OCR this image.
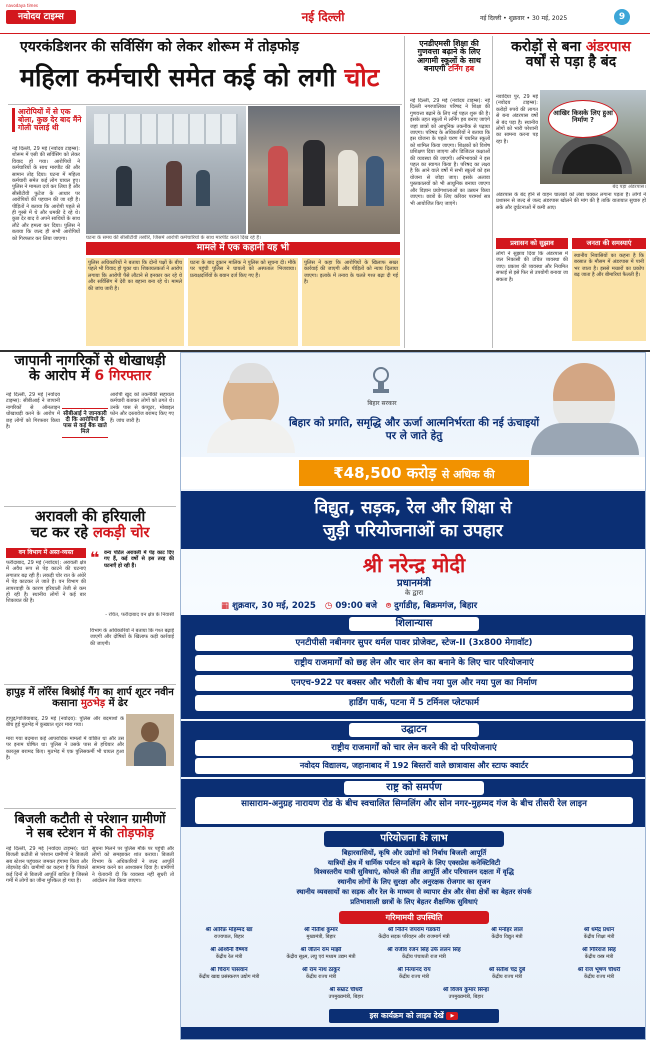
नवोदय टाइम्स
navodaya times
नई दिल्ली	नई दिल्ली • शुक्रवार • 30 मई, 2025	9
एयरकंडिशनर की सर्विसिंग को लेकर शोरूम में तोड़फोड़
महिला कर्मचारी समेत कई को लगी चोट
आरोपियों में से एक बोला, कुछ देर बाद मैंने गोली चलाई थी
नई दिल्ली, 29 मई (नवोदय टाइम्स): शोरूम में एसी की सर्विसिंग को लेकर विवाद हो गया। आरोपियों ने कर्मचारियों के साथ मारपीट की और सामान तोड़ दिया। घटना में महिला कर्मचारी समेत कई लोग घायल हुए। पुलिस ने मामला दर्ज कर लिया है और सीसीटीवी फुटेज के आधार पर आरोपियों की पहचान की जा रही है। पीड़ितों ने बताया कि आरोपी पहले से ही गुस्से में थे और धमकी दे रहे थे। कुछ देर बाद वे अपने साथियों के साथ लौटे और हमला कर दिया। पुलिस ने बताया कि जल्द ही सभी आरोपियों को गिरफ्तार कर लिया जाएगा।	घटना के समय की सीसीटीवी तस्वीरें, जिसमें आरोपी कर्मचारियों के साथ मारपीट करते दिख रहे हैं।
मामले में एक कहानी यह भी
पुलिस अधिकारियों ने बताया कि दोनों पक्षों के बीच पहले भी विवाद हो चुका था। शिकायतकर्ता ने आरोप लगाया कि आरोपी पैसे लौटाने से इनकार कर रहे थे और सर्विसिंग में देरी का बहाना बना रहे थे। मामले की जांच जारी है।
घटना के बाद दुकान मालिक ने पुलिस को सूचना दी। मौके पर पहुंची पुलिस ने घायलों को अस्पताल भिजवाया। प्रत्यक्षदर्शियों के बयान दर्ज किए गए हैं।
पुलिस ने कहा कि आरोपियों के खिलाफ सख्त कार्रवाई की जाएगी और पीड़ितों को न्याय दिलाया जाएगा। इलाके में तनाव के चलते गश्त बढ़ा दी गई है।
एनडीएमसी शिक्षा की गुणवत्ता बढ़ाने के लिए आगामी स्कूलों के साथ बनाएगी टर्निंग हब
नई दिल्ली, 29 मई (नवोदय टाइम्स): नई दिल्ली नगरपालिका परिषद ने शिक्षा की गुणवत्ता बढ़ाने के लिए नई पहल शुरू की है। इसके तहत स्कूलों में लर्निंग हब बनाए जाएंगे जहां छात्रों को आधुनिक तकनीक से पढ़ाया जाएगा। परिषद के अधिकारियों ने बताया कि इस योजना के पहले चरण में चयनित स्कूलों को शामिल किया जाएगा। शिक्षकों को विशेष प्रशिक्षण दिया जाएगा और डिजिटल कक्षाओं की व्यवस्था की जाएगी। अभिभावकों ने इस पहल का स्वागत किया है। परिषद का लक्ष्य है कि आने वाले वर्षों में सभी स्कूलों को इस योजना से जोड़ा जाए। इसके अलावा पुस्तकालयों को भी आधुनिक बनाया जाएगा और विज्ञान प्रयोगशालाओं का उन्नयन किया जाएगा। छात्रों के लिए करियर परामर्श सत्र भी आयोजित किए जाएंगे।
करोड़ों से बना अंडरपास
वर्षों से पड़ा है बंद
नवादिया पुर, 29 मई (नवोदय टाइम्स): करोड़ों रुपये की लागत से बना अंडरपास वर्षों से बंद पड़ा है। स्थानीय लोगों को भारी परेशानी का सामना करना पड़ रहा है।
आखिर किसके लिए हुआ निर्माण ?
बंद पड़ा अंडरपास।
अंडरपास के बंद होने से वाहन चालकों को लंबा चक्कर लगाना पड़ता है। लोगों ने प्रशासन से जल्द से जल्द अंडरपास खोलने की मांग की है ताकि यातायात सुचारु हो सके और दुर्घटनाओं में कमी आए।
प्रशासन को सुझाव
लोगों ने सुझाव दिया कि अंडरपास में जल निकासी की उचित व्यवस्था की जाए। प्रकाश की व्यवस्था और नियमित सफाई से इसे फिर से उपयोगी बनाया जा सकता है।
जनता की समस्याएं
स्थानीय निवासियों का कहना है कि बरसात के मौसम में अंडरपास में पानी भर जाता है। इससे मच्छरों का प्रकोप बढ़ जाता है और बीमारियां फैलती हैं।
जापानी नागरिकों से धोखाधड़ी
के आरोप में 6 गिरफ्तार
नई दिल्ली, 29 मई (नवोदय टाइम्स): सीबीआई ने जापानी नागरिकों से ऑनलाइन धोखाधड़ी करने के आरोप में छह लोगों को गिरफ्तार किया है।
सीबीआई ने जानकारी दी कि आरोपियों के पास से कई बैंक खाते मिले
आरोपी खुद को तकनीकी सहायता कर्मचारी बताकर लोगों को ठगते थे। उनके पास से कंप्यूटर, मोबाइल फोन और दस्तावेज बरामद किए गए हैं। जांच जारी है।
अरावली की हरियाली
चट कर रहे लकड़ी चोर
वन विभाग में अस्त-व्यस्त
फरीदाबाद, 29 मई (नवोदय): अरावली क्षेत्र में अवैध रूप से पेड़ काटने की घटनाएं लगातार बढ़ रही हैं। लकड़ी चोर रात के अंधेरे में पेड़ काटकर ले जाते हैं। वन विभाग की लापरवाही के कारण हरियाली तेजी से कम हो रही है। स्थानीय लोगों ने कई बार शिकायत की है।
❝ वन्य पोर्टल अरावली में पेड़ काट दिए गए हैं, कई वर्षों से इस तरह की घटनाएँ हो रही हैं।
- रचित, फरीदाबाद वन क्षेत्र के निवासी
विभाग के अधिकारियों ने बताया कि गश्त बढ़ाई जाएगी और दोषियों के खिलाफ कड़ी कार्रवाई की जाएगी।
हापुड़ में लॉरेंस बिश्नोई गैंग का शार्प शूटर नवीन कसाना मुठभेड़ में ढेर
हापुड़/गाजियाबाद, 29 मई (नवोदय): पुलिस और बदमाशों के बीच हुई मुठभेड़ में कुख्यात शूटर मारा गया।
मारा गया बदमाश कई आपराधिक मामलों में वांछित था और उस पर इनाम घोषित था। पुलिस ने उसके पास से हथियार और कारतूस बरामद किए। मुठभेड़ में एक पुलिसकर्मी भी घायल हुआ है।
बिजली कटौती से परेशान ग्रामीणों
ने सब स्टेशन में की तोड़फोड़
नई दिल्ली, 29 मई (नवोदय टाइम्स): घंटों बिजली कटौती से परेशान ग्रामीणों ने बिजली सब स्टेशन पहुंचकर जमकर हंगामा किया और तोड़फोड़ की। ग्रामीणों का कहना है कि पिछले कई दिनों से बिजली आपूर्ति बाधित है जिससे गर्मी में लोगों का जीना मुश्किल हो गया है।
सूचना मिलने पर पुलिस मौके पर पहुंची और लोगों को समझाकर शांत कराया। बिजली विभाग के अधिकारियों ने जल्द आपूर्ति सामान्य करने का आश्वासन दिया है। ग्रामीणों ने चेतावनी दी कि व्यवस्था नहीं सुधरी तो आंदोलन तेज किया जाएगा।
बिहार सरकार
बिहार को प्रगति, समृद्धि और ऊर्जा आत्मनिर्भरता की नई ऊंचाइयों पर ले जाते हेतु
₹48,500 करोड़ से अधिक की
विद्युत, सड़क, रेल और शिक्षा से
जुड़ी परियोजनाओं का उपहार
श्री नरेन्द्र मोदी
प्रधानमंत्री
के द्वारा
▦ शुक्रवार, 30 मई, 2025 ◷ 09:00 बजे ⌾ दुर्गाडीह, बिक्रमगंज, बिहार
शिलान्यास
एनटीपीसी नबीनगर सुपर थर्मल पावर प्रोजेक्ट, स्टेज-II (3x800 मेगावॉट)
राष्ट्रीय राजमार्गों को छह लेन और चार लेन का बनाने के लिए चार परियोजनाएं
एनएच-922 पर बक्सर और भरौली के बीच नया पुल और नया पुल का निर्माण
हार्डिंग पार्क, पटना में 5 टर्मिनल प्लेटफार्म
उद्घाटन
राष्ट्रीय राजमार्गों को चार लेन करने की दो परियोजनाएं
नवोदय विद्यालय, जहानाबाद में 192 बिस्तरों वाले छात्रावास और स्टाफ क्वार्टर
राष्ट्र को समर्पण
सासाराम-अनुग्रह नारायण रोड के बीच स्वचालित सिग्नलिंग और सोन नगर-मुहम्मद गंज के बीच तीसरी रेल लाइन
परियोजना के लाभ
बिहारवासियों, कृषि और उद्योगों को निर्बाध बिजली आपूर्ति
यात्रियों क्षेत्र में धार्मिक पर्यटन को बढ़ाने के लिए एक्सप्रेस कनेक्टिविटी
विश्वस्तरीय यात्री सुविधाएं, कोयले की तीव्र आपूर्ति और परिचालन दक्षता में वृद्धि
स्थानीय लोगों के लिए सुरक्षा और अनुरक्षक रोजगार का सृजन
स्थानीय व्यवसायों का सड़क और रेल के माध्यम से व्यापार क्षेत्र और सेवा क्षेत्रों का बेहतर संपर्क
प्रतिभाशाली छात्रों के लिए बेहतर शैक्षणिक सुविधाएं
गरिमामयी उपस्थिति
श्री आरिफ़ मोहम्मद खां
राज्यपाल, बिहार
श्री नीतीश कुमार
मुख्यमंत्री, बिहार
श्री नितिन जयराम गडकरी
केंद्रीय सड़क परिवहन और राजमार्ग मंत्री
श्री मनोहर लाल
केंद्रीय विद्युत मंत्री
श्री धर्मेंद्र प्रधान
केंद्रीय शिक्षा मंत्री
श्री अश्विनी वैष्णव
केंद्रीय रेल मंत्री
श्री जीतन राम मांझी
केंद्रीय सूक्ष्म, लघु एवं मध्यम उद्यम मंत्री
श्री राजीव रंजन सिंह उर्फ ललन सिंह
केंद्रीय पंचायती राज मंत्री
श्री गिरिराज सिंह
केंद्रीय वस्त्र मंत्री
श्री चिराग पासवान
केंद्रीय खाद्य प्रसंस्करण उद्योग मंत्री
श्री राम नाथ ठाकुर
केंद्रीय राज्य मंत्री
श्री नित्यानंद राय
केंद्रीय राज्य मंत्री
श्री सतीश चंद्र दुबे
केंद्रीय राज्य मंत्री
श्री राज भूषण चौधरी
केंद्रीय राज्य मंत्री
श्री सम्राट चौधरी
उपमुख्यमंत्री, बिहार
श्री विजय कुमार सिन्हा
उपमुख्यमंत्री, बिहार
इस कार्यक्रम को लाइव देखें ▶
